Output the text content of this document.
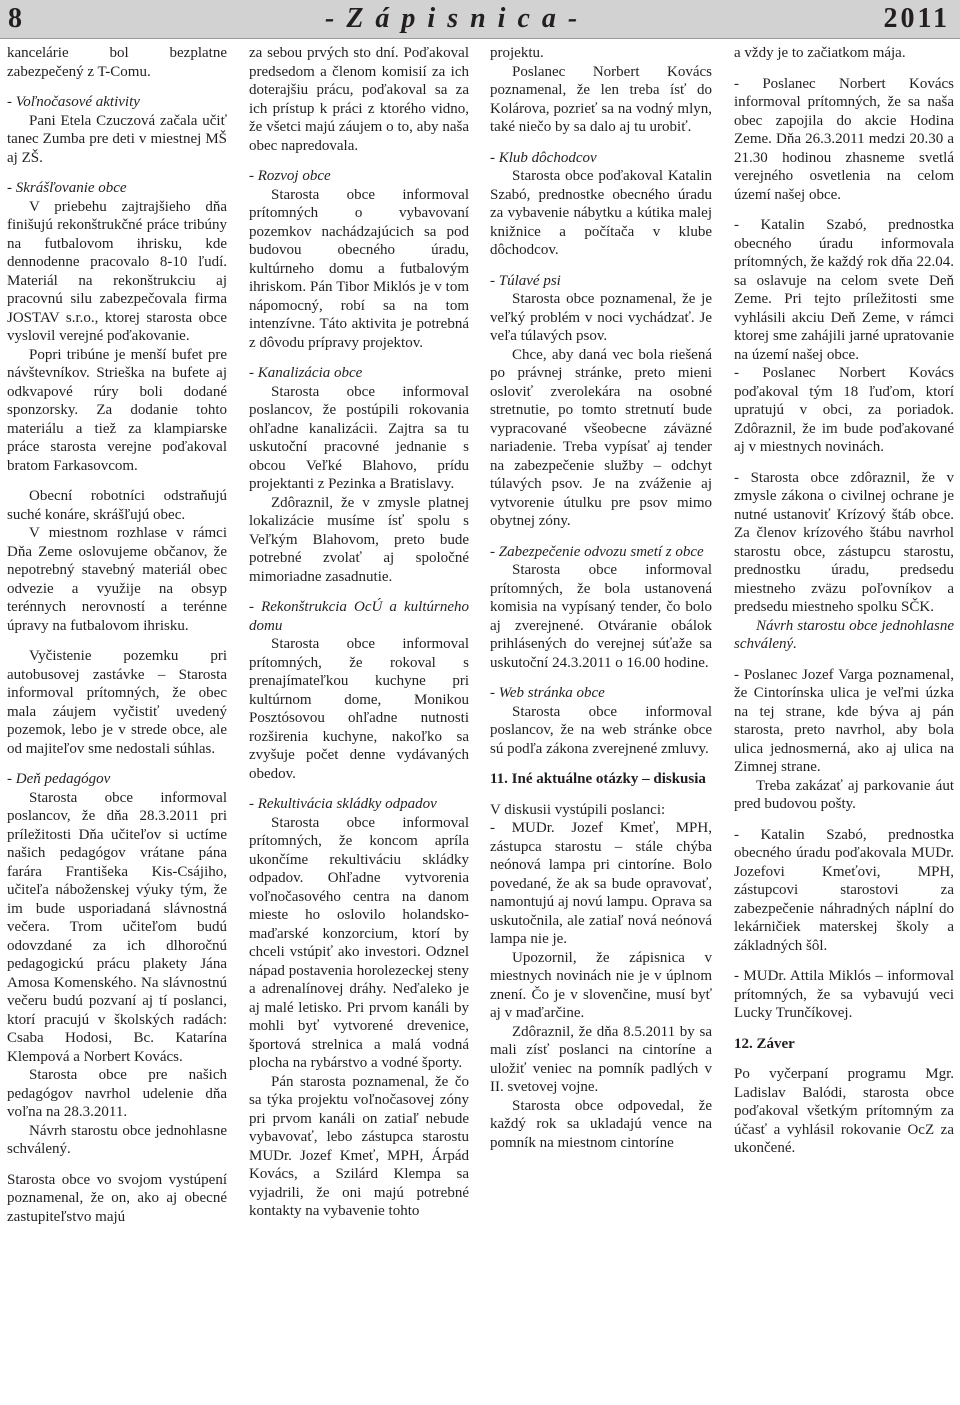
8	- Z á p i s n i c a -	2011

kancelárie bol bezplatne zabezpečený z T-Comu.

- Voľnočasové aktivity

Pani Etela Czuczová začala učiť tanec Zumba pre deti v miestnej MŠ aj ZŠ.

- Skrášľovanie obce

V priebehu zajtrajšieho dňa finišujú rekonštrukčné práce tribúny na futbalovom ihrisku, kde dennodenne pracovalo 8-10 ľudí. Materiál na rekonštrukciu aj pracovnú silu zabezpečovala firma JOSTAV s.r.o., ktorej starosta obce vyslovil verejné poďakovanie.

Popri tribúne je menší bufet pre návštevníkov. Strieška na bufete aj odkvapové rúry boli dodané sponzorsky. Za dodanie tohto materiálu a tiež za klampiarske práce starosta verejne poďakoval bratom Farkasovcom.

Obecní robotníci odstraňujú suché konáre, skrášľujú obec.

V miestnom rozhlase v rámci Dňa Zeme oslovujeme občanov, že nepotrebný stavebný materiál obec odvezie a využije na obsyp terénnych nerovností a terénne úpravy na futbalovom ihrisku.

Vyčistenie pozemku pri autobusovej zastávke – Starosta informoval prítomných, že obec mala záujem vyčistiť uvedený pozemok, lebo je v strede obce, ale od majiteľov sme nedostali súhlas.

- Deň pedagógov

Starosta obce informoval poslancov, že dňa 28.3.2011 pri príležitosti Dňa učiteľov si uctíme našich pedagógov vrátane pána farára Františeka Kis-Csájiho, učiteľa náboženskej výuky tým, že im bude usporiadaná slávnostná večera. Trom učiteľom budú odovzdané za ich dlhoročnú pedagogickú prácu plakety Jána Amosa Komenského. Na slávnostnú večeru budú pozvaní aj tí poslanci, ktorí pracujú v školských radách: Csaba Hodosi, Bc. Katarína Klempová a Norbert Kovács.

Starosta obce pre našich pedagógov navrhol udelenie dňa voľna na 28.3.2011.

Návrh starostu obce jednohlasne schválený.

Starosta obce vo svojom vystúpení poznamenal, že on, ako aj obecné zastupiteľstvo majú

za sebou prvých sto dní. Poďakoval predsedom a členom komisií za ich doterajšiu prácu, poďakoval sa za ich prístup k práci z ktorého vidno, že všetci majú záujem o to, aby naša obec napredovala.

- Rozvoj obce

Starosta obce informoval prítomných o vybavovaní pozemkov nachádzajúcich sa pod budovou obecného úradu, kultúrneho domu a futbalovým ihriskom. Pán Tibor Miklós je v tom nápomocný, robí sa na tom intenzívne. Táto aktivita je potrebná z dôvodu prípravy projektov.

- Kanalizácia obce

Starosta obce informoval poslancov, že postúpili rokovania ohľadne kanalizácii. Zajtra sa tu uskutoční pracovné jednanie s obcou Veľké Blahovo, prídu projektanti z Pezinka a Bratislavy.

Zdôraznil, že v zmysle platnej lokalizácie musíme ísť spolu s Veľkým Blahovom, preto bude potrebné zvolať aj spoločné mimoriadne zasadnutie.

- Rekonštrukcia OcÚ a kultúrneho domu

Starosta obce informoval prítomných, že rokoval s prenajímateľkou kuchyne pri kultúrnom dome, Monikou Posztósovou ohľadne nutnosti rozširenia kuchyne, nakoľko sa zvyšuje počet denne vydávaných obedov.

- Rekultivácia skládky odpadov

Starosta obce informoval prítomných, že koncom apríla ukončíme rekultiváciu skládky odpadov. Ohľadne vytvorenia voľnočasového centra na danom mieste ho oslovilo holandsko-maďarské konzorcium, ktorí by chceli vstúpiť ako investori. Odznel nápad postavenia horolezeckej steny a adrenalínovej dráhy. Neďaleko je aj malé letisko. Pri prvom kanáli by mohli byť vytvorené drevenice, športová strelnica a malá vodná plocha na rybárstvo a vodné športy.

Pán starosta poznamenal, že čo sa týka projektu voľnočasovej zóny pri prvom kanáli on zatiaľ nebude vybavovať, lebo zástupca starostu MUDr. Jozef Kmeť, MPH, Árpád Kovács, a Szilárd Klempa sa vyjadrili, že oni majú potrebné kontakty na vybavenie tohto

projektu.

Poslanec Norbert Kovács poznamenal, že len treba ísť do Kolárova, pozrieť sa na vodný mlyn, také niečo by sa dalo aj tu urobiť.

- Klub dôchodcov

Starosta obce poďakoval Katalin Szabó, prednostke obecného úradu za vybavenie nábytku a kútika malej knižnice a počítača v klube dôchodcov.

- Túlavé psi

Starosta obce poznamenal, že je veľký problém v noci vychádzať. Je veľa túlavých psov.

Chce, aby daná vec bola riešená po právnej stránke, preto mieni osloviť zverolekára na osobné stretnutie, po tomto stretnutí bude vypracované všeobecne záväzné nariadenie. Treba vypísať aj tender na zabezpečenie služby – odchyt túlavých psov. Je na zváženie aj vytvorenie útulku pre psov mimo obytnej zóny.

- Zabezpečenie odvozu smetí z obce

Starosta obce informoval prítomných, že bola ustanovená komisia na vypísaný tender, čo bolo aj zverejnené. Otváranie obálok prihlásených do verejnej súťaže sa uskutoční 24.3.2011 o 16.00 hodine.

- Web stránka obce

Starosta obce informoval poslancov, že na web stránke obce sú podľa zákona zverejnené zmluvy.

11. Iné aktuálne otázky – diskusia

V diskusii vystúpili poslanci:

- MUDr. Jozef Kmeť, MPH, zástupca starostu – stále chýba neónová lampa pri cintoríne. Bolo povedané, že ak sa bude opravovať, namontujú aj novú lampu. Oprava sa uskutočnila, ale zatiaľ nová neónová lampa nie je.

Upozornil, že zápisnica v miestnych novinách nie je v úplnom znení. Čo je v slovenčine, musí byť aj v maďarčine.

Zdôraznil, že dňa 8.5.2011 by sa mali zísť poslanci na cintoríne a uložiť veniec na pomník padlých v II. svetovej vojne.

Starosta obce odpovedal, že každý rok sa ukladajú vence na pomník na miestnom cintoríne

a vždy je to začiatkom mája.

- Poslanec Norbert Kovács informoval prítomných, že sa naša obec zapojila do akcie Hodina Zeme. Dňa 26.3.2011 medzi 20.30 a 21.30 hodinou zhasneme svetlá verejného osvetlenia na celom území našej obce.

- Katalin Szabó, prednostka obecného úradu informovala prítomných, že každý rok dňa 22.04. sa oslavuje na celom svete Deň Zeme. Pri tejto príležitosti sme vyhlásili akciu Deň Zeme, v rámci ktorej sme zahájili jarné upratovanie na území našej obce.

- Poslanec Norbert Kovács poďakoval tým 18 ľuďom, ktorí upratujú v obci, za poriadok. Zdôraznil, že im bude poďakované aj v miestnych novinách.

- Starosta obce zdôraznil, že v zmysle zákona o civilnej ochrane je nutné ustanoviť Krízový štáb obce. Za členov krízového štábu navrhol starostu obce, zástupcu starostu, prednostku úradu, predsedu miestneho zväzu poľovníkov a predsedu miestneho spolku SČK.

Návrh starostu obce jednohlasne schválený.

- Poslanec Jozef Varga poznamenal, že Cintorínska ulica je veľmi úzka na tej strane, kde býva aj pán starosta, preto navrhol, aby bola ulica jednosmerná, ako aj ulica na Zimnej strane.

Treba zakázať aj parkovanie áut pred budovou pošty.

- Katalin Szabó, prednostka obecného úradu poďakovala MUDr. Jozefovi Kmeťovi, MPH, zástupcovi starostovi za zabezpečenie náhradných náplní do lekárničiek materskej školy a základných šôl.

- MUDr. Attila Miklós – informoval prítomných, že sa vybavujú veci Lucky Trunčíkovej.

12. Záver

Po vyčerpaní programu Mgr. Ladislav Balódi, starosta obce poďakoval všetkým prítomným za účasť a vyhlásil rokovanie OcZ za ukončené.
